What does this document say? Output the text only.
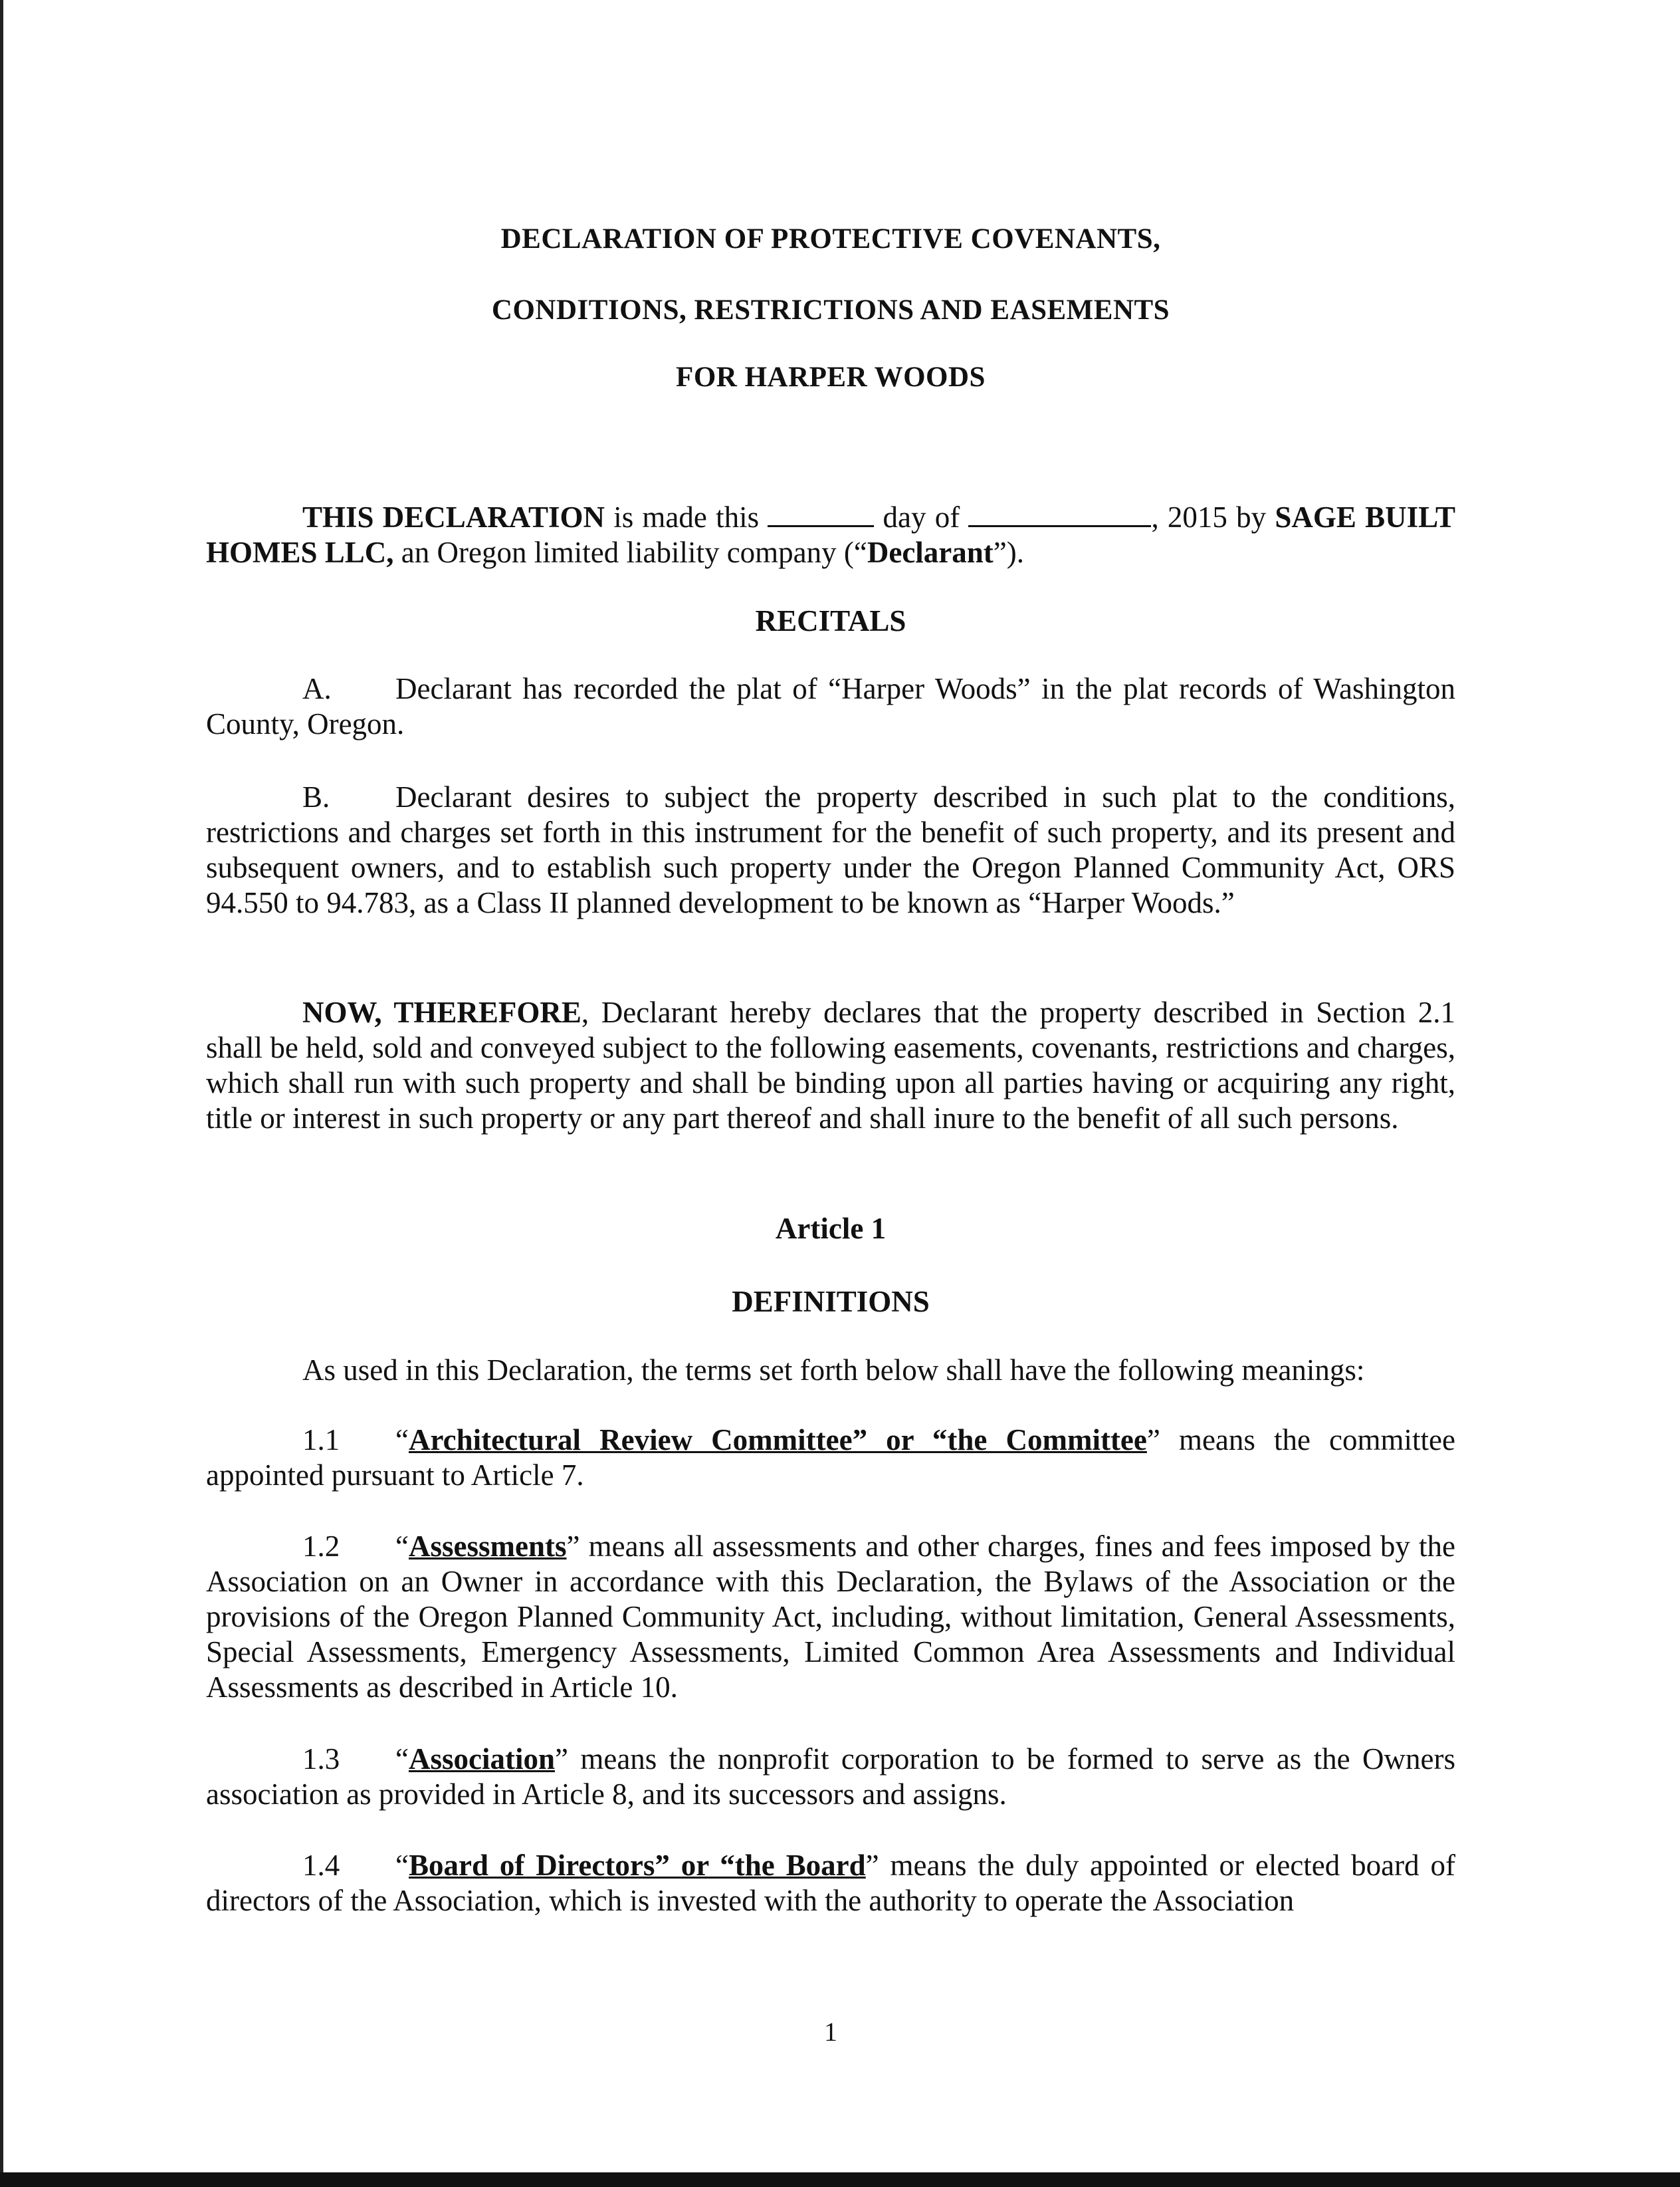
DECLARATION OF PROTECTIVE COVENANTS,
CONDITIONS, RESTRICTIONS AND EASEMENTS
FOR HARPER WOODS
THIS DECLARATION is made this	day of	, 2015 by SAGE BUILT HOMES LLC, an Oregon limited liability company (“Declarant”).
RECITALS
A. Declarant has recorded the plat of “Harper Woods” in the plat records of Washington County, Oregon.
B. Declarant desires to subject the property described in such plat to the conditions, restrictions and charges set forth in this instrument for the benefit of such property, and its present and subsequent owners, and to establish such property under the Oregon Planned Community Act, ORS 94.550 to 94.783, as a Class II planned development to be known as “Harper Woods.”
NOW, THEREFORE, Declarant hereby declares that the property described in Section 2.1 shall be held, sold and conveyed subject to the following easements, covenants, restrictions and charges, which shall run with such property and shall be binding upon all parties having or acquiring any right, title or interest in such property or any part thereof and shall inure to the benefit of all such persons.
Article 1
DEFINITIONS
As used in this Declaration, the terms set forth below shall have the following meanings:
1.1 “Architectural Review Committee” or “the Committee” means the committee appointed pursuant to Article 7.
1.2 “Assessments” means all assessments and other charges, fines and fees imposed by the Association on an Owner in accordance with this Declaration, the Bylaws of the Association or the provisions of the Oregon Planned Community Act, including, without limitation, General Assessments, Special Assessments, Emergency Assessments, Limited Common Area Assessments and Individual Assessments as described in Article 10.
1.3 “Association” means the nonprofit corporation to be formed to serve as the Owners association as provided in Article 8, and its successors and assigns.
1.4 “Board of Directors” or “the Board” means the duly appointed or elected board of directors of the Association, which is invested with the authority to operate the Association
1
